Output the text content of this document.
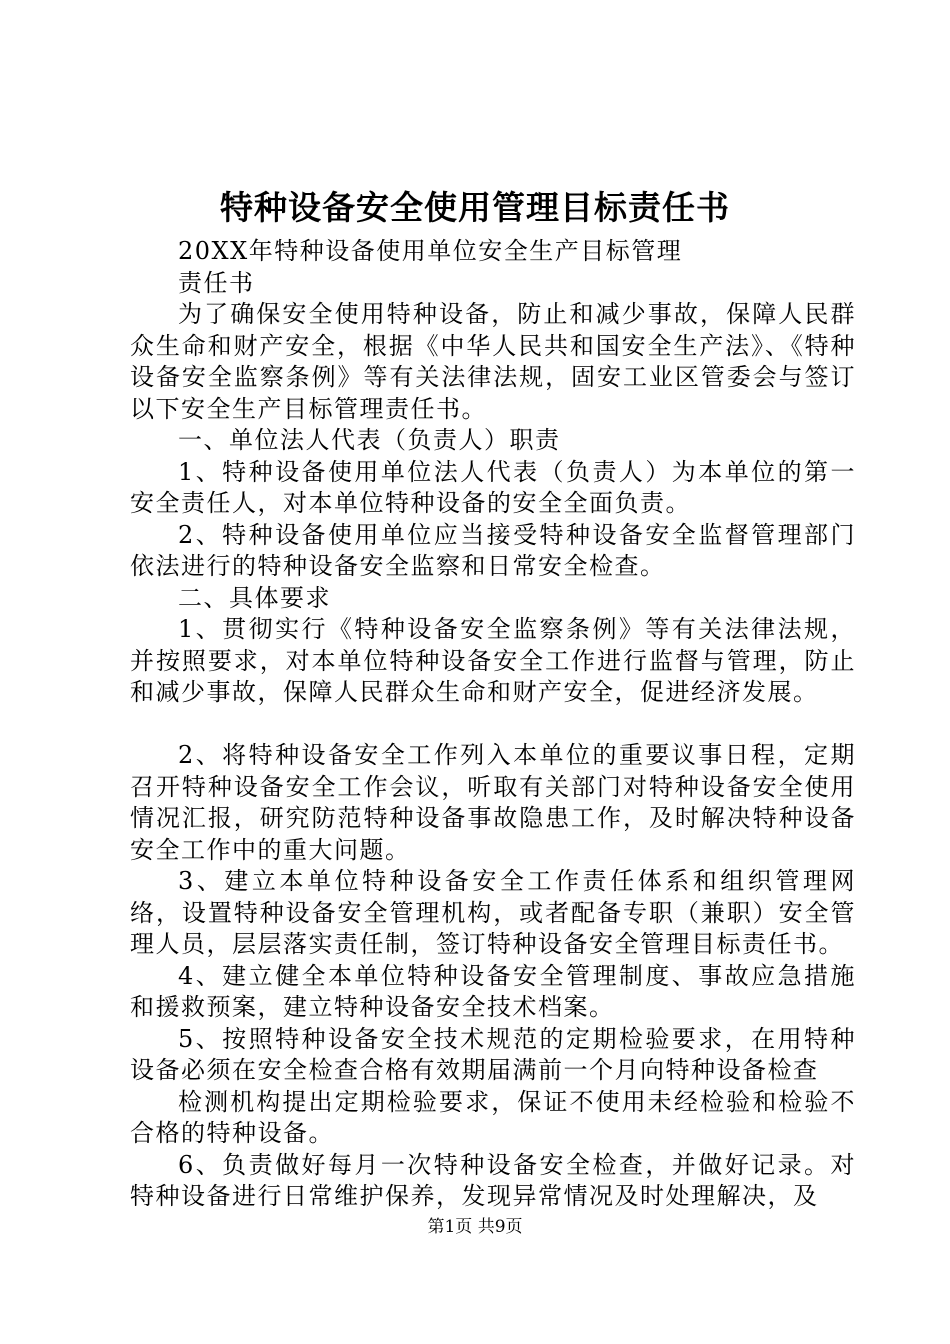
特种设备安全使用管理目标责任书

20XX年特种设备使用单位安全生产目标管理

责任书

为了确保安全使用特种设备，防止和减少事故，保障人民群众生命和财产安全，根据《中华人民共和国安全生产法》、《特种设备安全监察条例》等有关法律法规，固安工业区管委会与签订以下安全生产目标管理责任书。

一、单位法人代表（负责人）职责

1、特种设备使用单位法人代表（负责人）为本单位的第一安全责任人，对本单位特种设备的安全全面负责。

2、特种设备使用单位应当接受特种设备安全监督管理部门依法进行的特种设备安全监察和日常安全检查。

二、具体要求

1、贯彻实行《特种设备安全监察条例》等有关法律法规，并按照要求，对本单位特种设备安全工作进行监督与管理，防止和减少事故，保障人民群众生命和财产安全，促进经济发展。

2、将特种设备安全工作列入本单位的重要议事日程，定期召开特种设备安全工作会议，听取有关部门对特种设备安全使用情况汇报，研究防范特种设备事故隐患工作，及时解决特种设备安全工作中的重大问题。

3、建立本单位特种设备安全工作责任体系和组织管理网络，设置特种设备安全管理机构，或者配备专职（兼职）安全管理人员，层层落实责任制，签订特种设备安全管理目标责任书。

4、建立健全本单位特种设备安全管理制度、事故应急措施和援救预案，建立特种设备安全技术档案。

5、按照特种设备安全技术规范的定期检验要求，在用特种设备必须在安全检查合格有效期届满前一个月向特种设备检查

检测机构提出定期检验要求，保证不使用未经检验和检验不合格的特种设备。

6、负责做好每月一次特种设备安全检查，并做好记录。对特种设备进行日常维护保养，发现异常情况及时处理解决，及

第1页 共9页
